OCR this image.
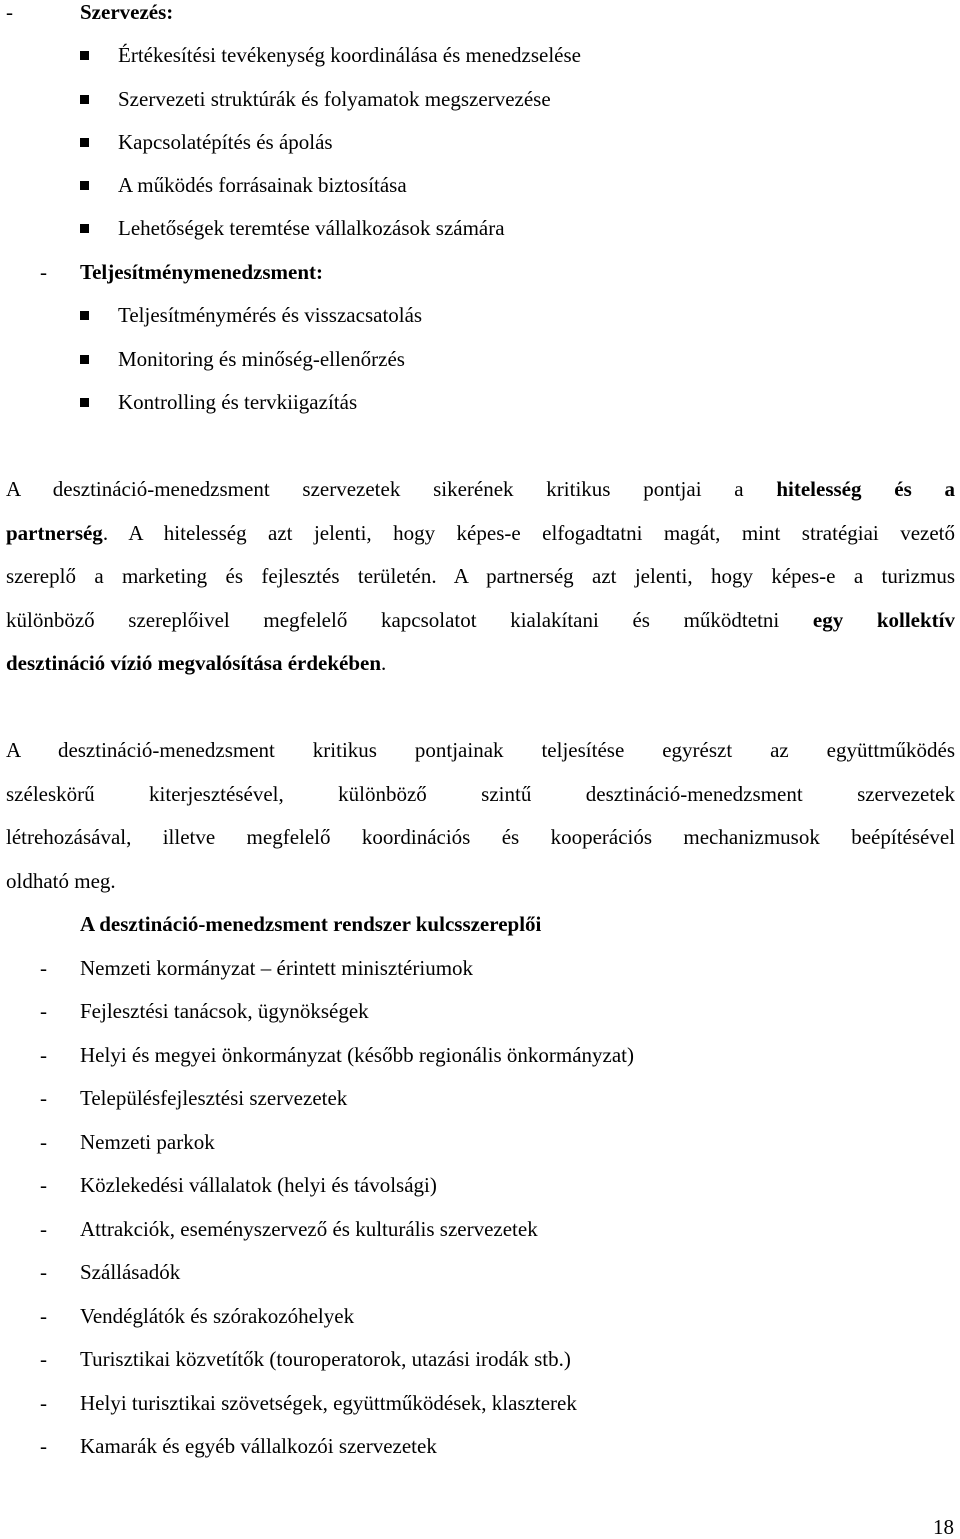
-	Szervezés:
Értékesítési tevékenység koordinálása és menedzselése
Szervezeti struktúrák és folyamatok megszervezése
Kapcsolatépítés és ápolás
A működés forrásainak biztosítása
Lehetőségek teremtése vállalkozások számára
- Teljesítménymenedzsment:
Teljesítménymérés és visszacsatolás
Monitoring és minőség-ellenőrzés
Kontrolling és tervkiigazítás
A desztináció-menedzsment szervezetek sikerének kritikus pontjai a hitelesség és a
partnerség. A hitelesség azt jelenti, hogy képes-e elfogadtatni magát, mint stratégiai vezető
szereplő a marketing és fejlesztés területén. A partnerség azt jelenti, hogy képes-e a turizmus
különböző szereplőivel megfelelő kapcsolatot kialakítani és működtetni egy kollektív
desztináció vízió megvalósítása érdekében.
A desztináció-menedzsment kritikus pontjainak teljesítése egyrészt az együttműködés
széleskörű kiterjesztésével, különböző szintű desztináció-menedzsment szervezetek
létrehozásával, illetve megfelelő koordinációs és kooperációs mechanizmusok beépítésével
oldható meg.
A desztináció-menedzsment rendszer kulcsszereplői
- Nemzeti kormányzat – érintett minisztériumok
- Fejlesztési tanácsok, ügynökségek
- Helyi és megyei önkormányzat (később regionális önkormányzat)
- Településfejlesztési szervezetek
- Nemzeti parkok
- Közlekedési vállalatok (helyi és távolsági)
- Attrakciók, eseményszervező és kulturális szervezetek
- Szállásadók
- Vendéglátók és szórakozóhelyek
- Turisztikai közvetítők (touroperatorok, utazási irodák stb.)
- Helyi turisztikai szövetségek, együttműködések, klaszterek
- Kamarák és egyéb vállalkozói szervezetek
18
